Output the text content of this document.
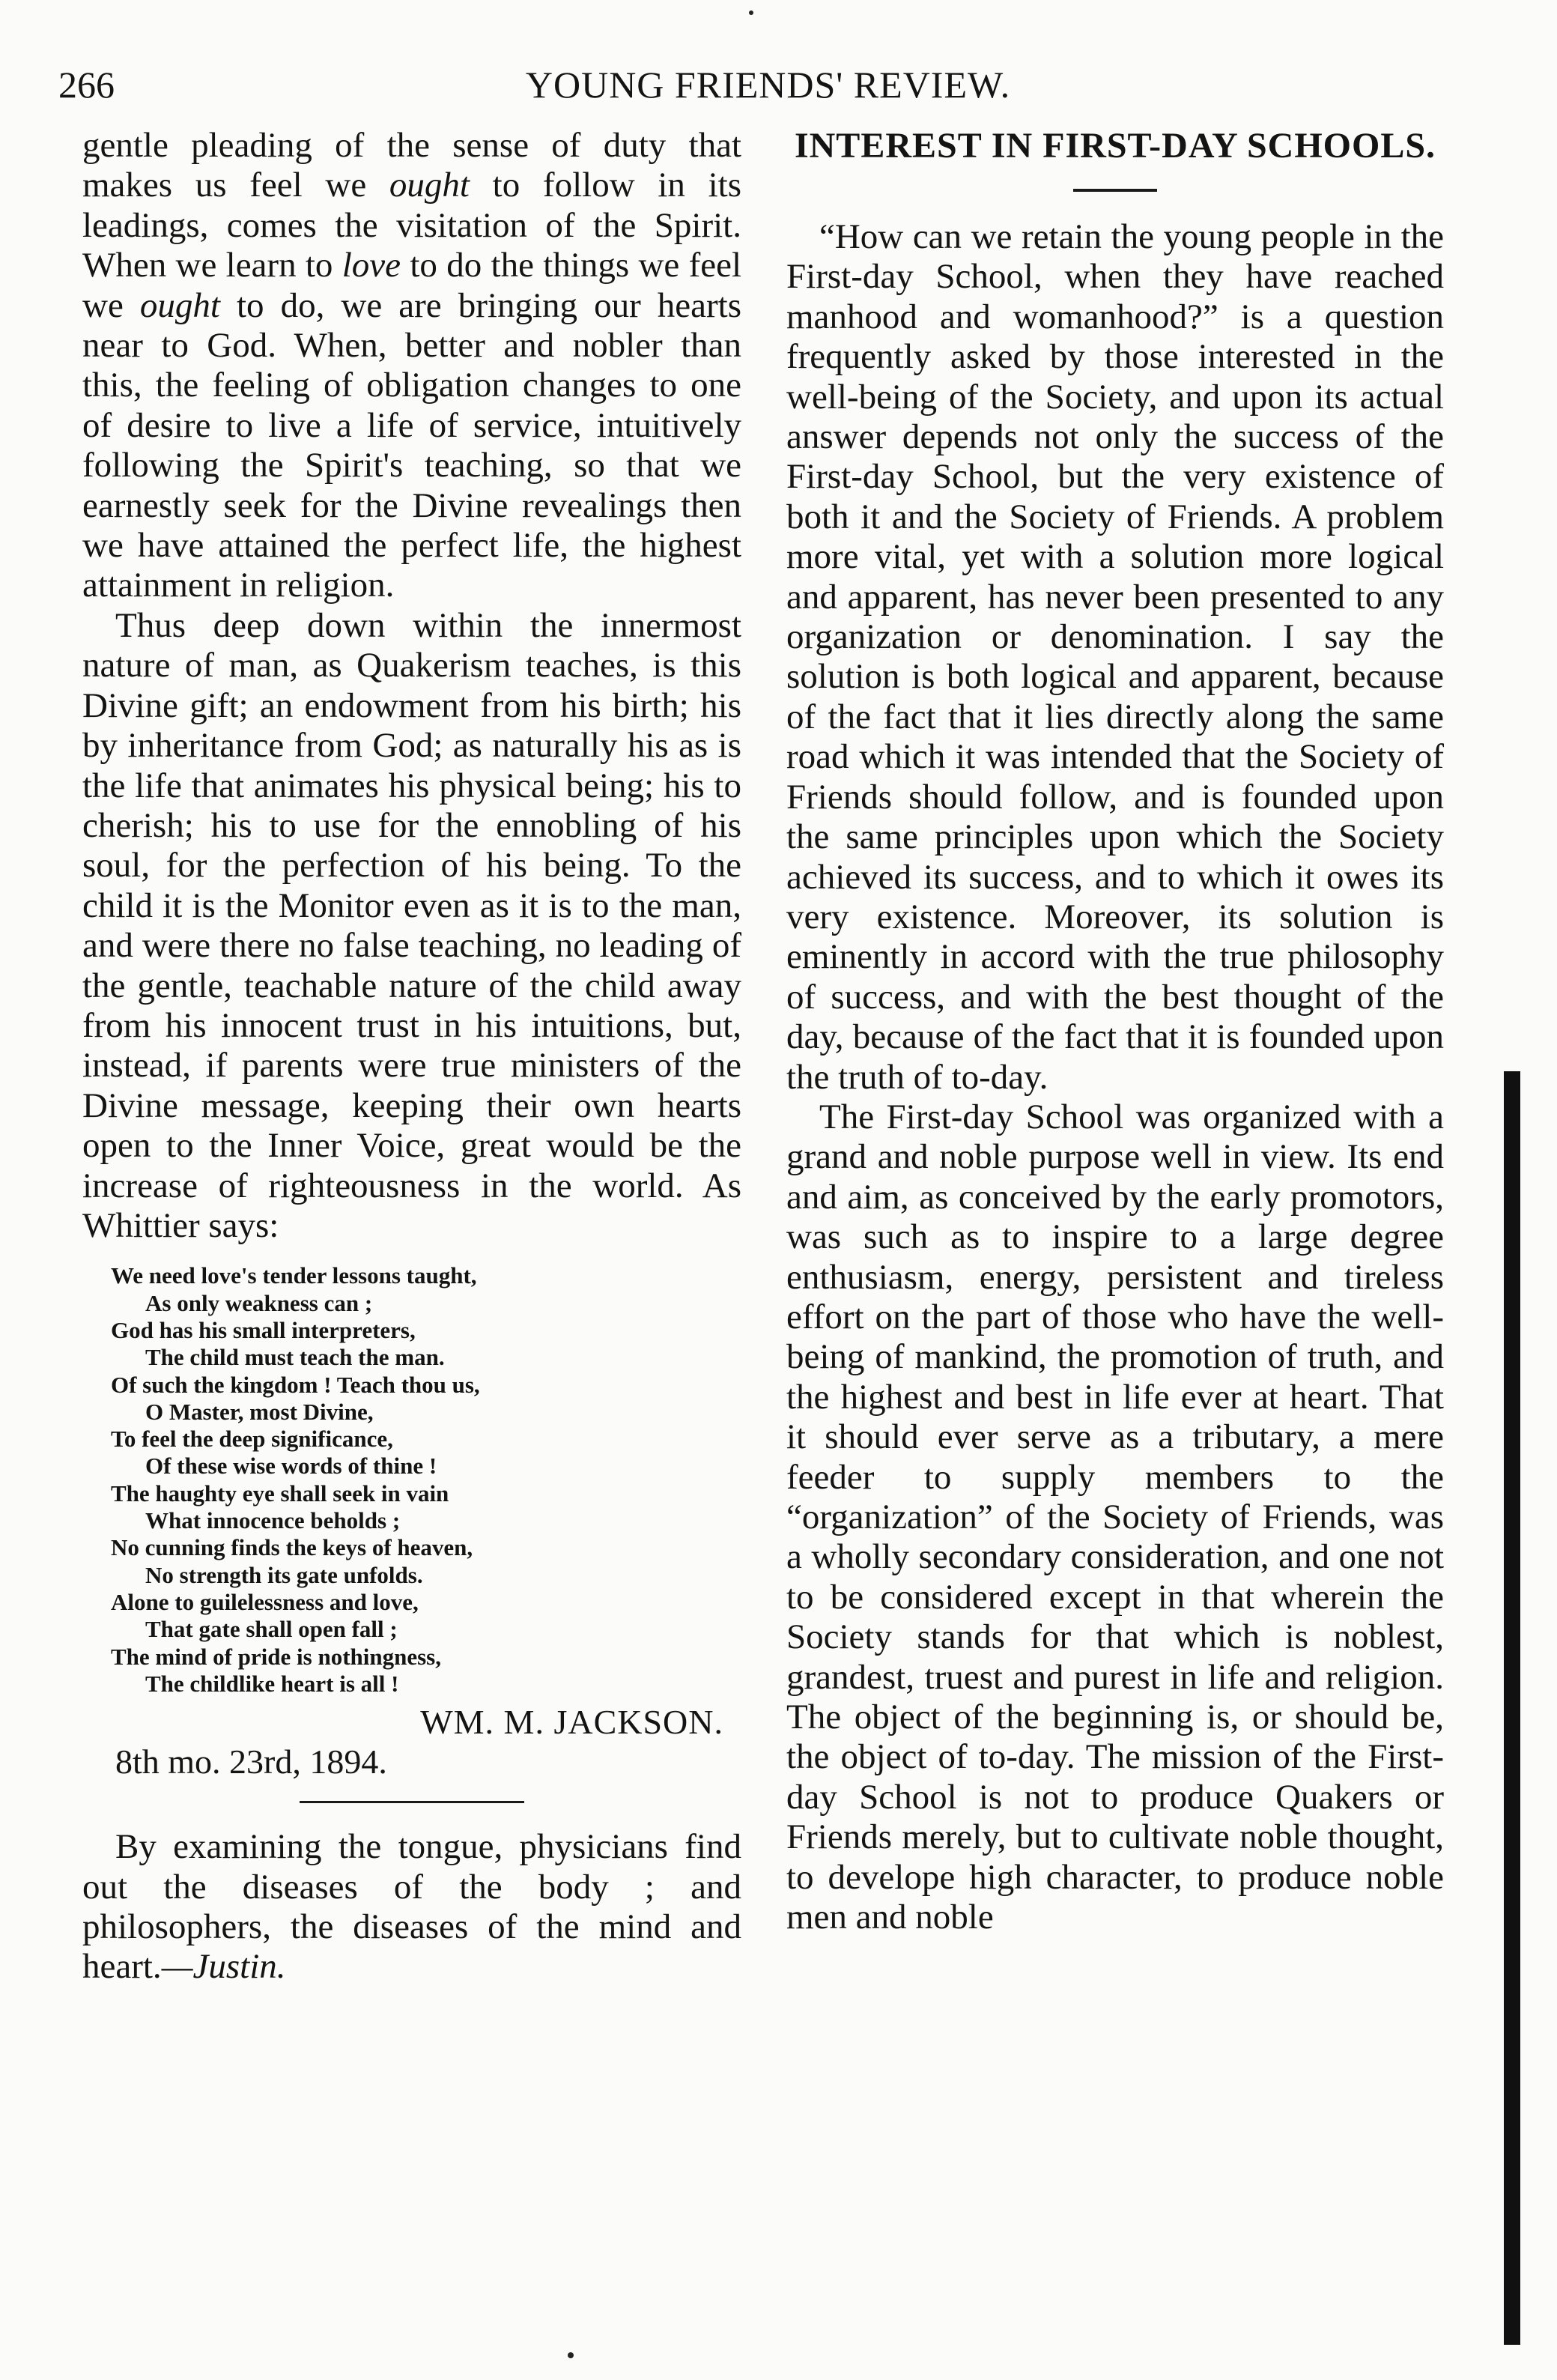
266	YOUNG FRIENDS' REVIEW.

gentle pleading of the sense of duty that makes us feel we ought to follow in its leadings, comes the visitation of the Spirit. When we learn to love to do the things we feel we ought to do, we are bringing our hearts near to God. When, better and nobler than this, the feeling of obligation changes to one of desire to live a life of service, intuitively following the Spirit's teaching, so that we earnestly seek for the Divine revealings then we have attained the perfect life, the highest attainment in religion.

Thus deep down within the innermost nature of man, as Quakerism teaches, is this Divine gift; an endowment from his birth; his by inheritance from God; as naturally his as is the life that animates his physical being; his to cherish; his to use for the ennobling of his soul, for the perfection of his being. To the child it is the Monitor even as it is to the man, and were there no false teaching, no leading of the gentle, teachable nature of the child away from his innocent trust in his intuitions, but, instead, if parents were true ministers of the Divine message, keeping their own hearts open to the Inner Voice, great would be the increase of righteousness in the world. As Whittier says:

We need love's tender lessons taught,
As only weakness can ;
God has his small interpreters,
The child must teach the man.
Of such the kingdom ! Teach thou us,
O Master, most Divine,
To feel the deep significance,
Of these wise words of thine !
The haughty eye shall seek in vain
What innocence beholds ;
No cunning finds the keys of heaven,
No strength its gate unfolds.
Alone to guilelessness and love,
That gate shall open fall ;
The mind of pride is nothingness,
The childlike heart is all !
WM. M. JACKSON.
8th mo. 23rd, 1894.

By examining the tongue, physicians find out the diseases of the body ; and philosophers, the diseases of the mind and heart.—Justin.

INTEREST IN FIRST-DAY SCHOOLS.

“How can we retain the young people in the First-day School, when they have reached manhood and womanhood?” is a question frequently asked by those interested in the well-being of the Society, and upon its actual answer depends not only the success of the First-day School, but the very existence of both it and the Society of Friends. A problem more vital, yet with a solution more logical and apparent, has never been presented to any organization or denomination. I say the solution is both logical and apparent, because of the fact that it lies directly along the same road which it was intended that the Society of Friends should follow, and is founded upon the same principles upon which the Society achieved its success, and to which it owes its very existence. Moreover, its solution is eminently in accord with the true philosophy of success, and with the best thought of the day, because of the fact that it is founded upon the truth of to-day.

The First-day School was organized with a grand and noble purpose well in view. Its end and aim, as conceived by the early promotors, was such as to inspire to a large degree enthusiasm, energy, persistent and tireless effort on the part of those who have the well-being of mankind, the promotion of truth, and the highest and best in life ever at heart. That it should ever serve as a tributary, a mere feeder to supply members to the “organization” of the Society of Friends, was a wholly secondary consideration, and one not to be considered except in that wherein the Society stands for that which is noblest, grandest, truest and purest in life and religion. The object of the beginning is, or should be, the object of to-day. The mission of the First-day School is not to produce Quakers or Friends merely, but to cultivate noble thought, to develope high character, to produce noble men and noble
